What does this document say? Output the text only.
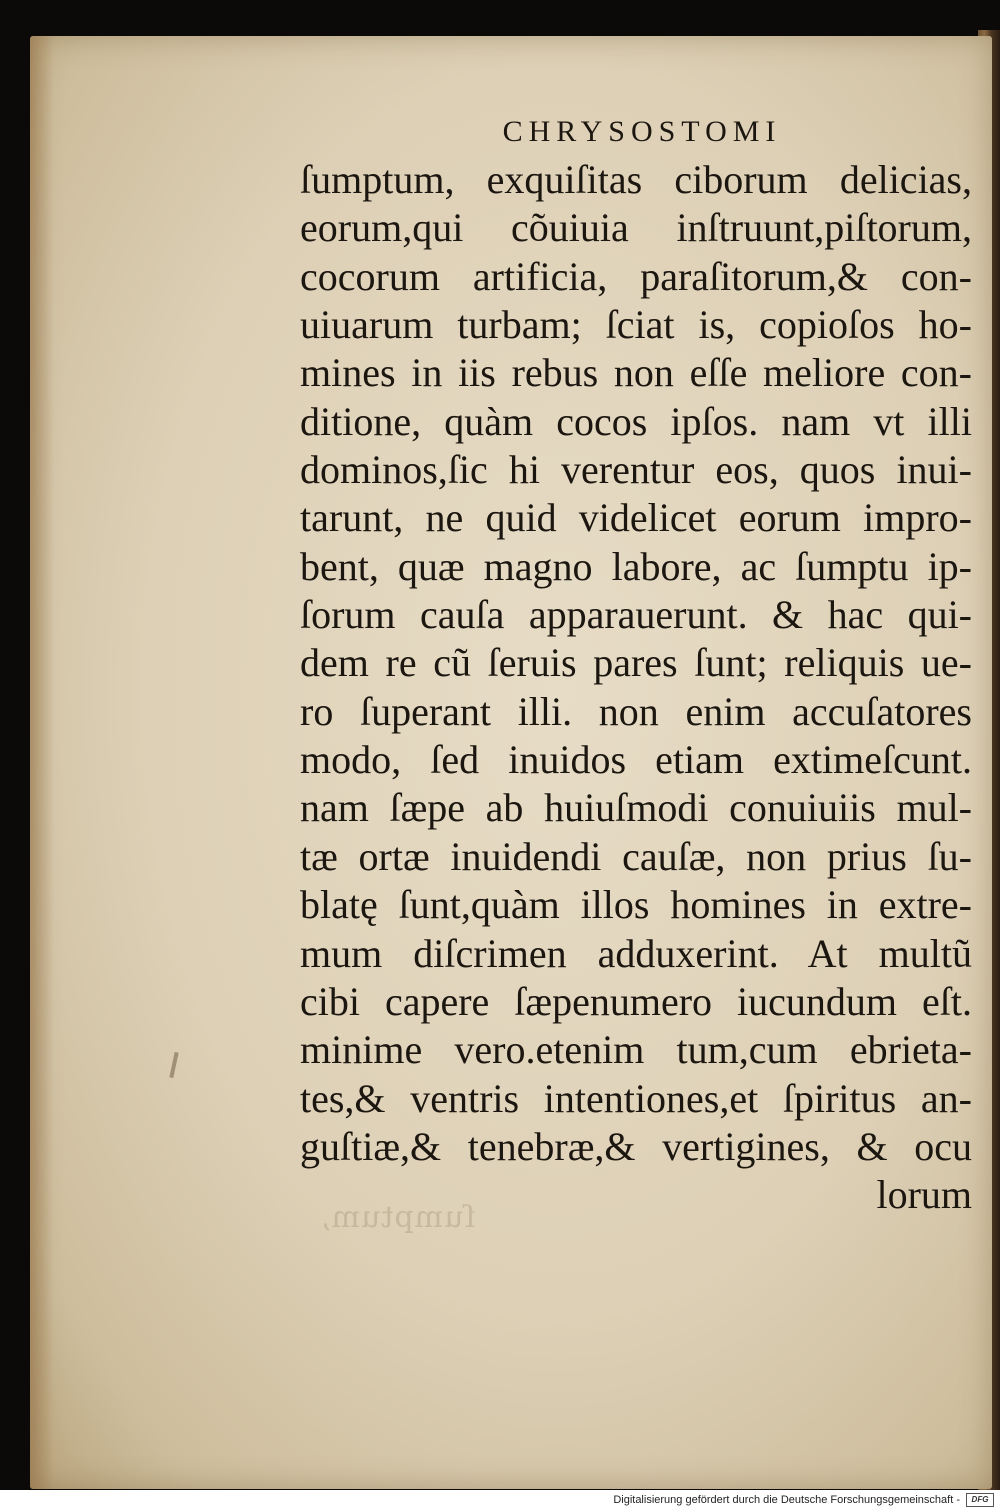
ſumptum,
CHRYSOSTOMI
ſumptum, exquiſitas ciborum delicias,
eorum,qui cõuiuia inſtruunt,piſtorum,
cocorum artificia, paraſitorum,& con-
uiuarum turbam; ſciat is, copioſos ho-
mines in iis rebus non eſſe meliore con-
ditione, quàm cocos ipſos. nam vt illi
dominos,ſic hi verentur eos, quos inui-
tarunt, ne quid videlicet eorum impro-
bent, quæ magno labore, ac ſumptu ip-
ſorum cauſa apparauerunt. & hac qui-
dem re cũ ſeruis pares ſunt; reliquis ue-
ro ſuperant illi. non enim accuſatores
modo, ſed inuidos etiam extimeſcunt.
nam ſæpe ab huiuſmodi conuiuiis mul-
tæ ortæ inuidendi cauſæ, non prius ſu-
blatę ſunt,quàm illos homines in extre-
mum diſcrimen adduxerint. At multũ
cibi capere ſæpenumero iucundum eſt.
minime vero.etenim tum,cum ebrieta-
tes,& ventris intentiones,et ſpiritus an-
guſtiæ,& tenebræ,& vertigines, & ocu
lorum
Digitalisierung gefördert durch die Deutsche Forschungsgemeinschaft -	DFG
